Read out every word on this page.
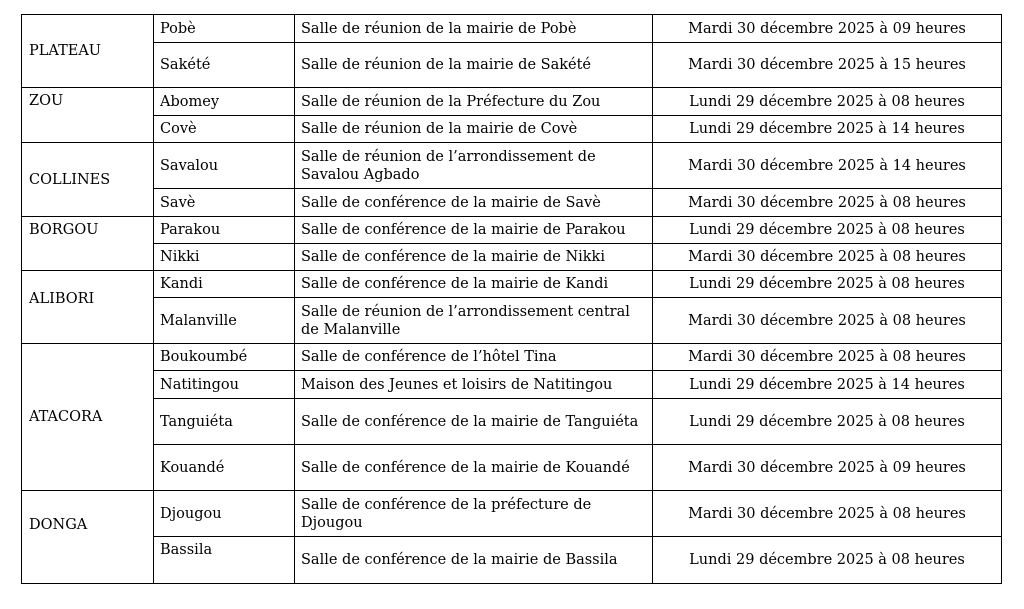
PLATEAU	Pobè	Salle de réunion de la mairie de Pobè	Mardi 30 décembre 2025 à 09 heures
	Sakété	Salle de réunion de la mairie de Sakété	Mardi 30 décembre 2025 à 15 heures
ZOU	Abomey	Salle de réunion de la Préfecture du Zou	Lundi 29 décembre 2025 à 08 heures
	Covè	Salle de réunion de la mairie de Covè	Lundi 29 décembre 2025 à 14 heures
COLLINES	Savalou	Salle de réunion de l’arrondissement de Savalou Agbado	Mardi 30 décembre 2025 à 14 heures
	Savè	Salle de conférence de la mairie de Savè	Mardi 30 décembre 2025 à 08 heures
BORGOU	Parakou	Salle de conférence de la mairie de Parakou	Lundi 29 décembre 2025 à 08 heures
	Nikki	Salle de conférence de la mairie de Nikki	Mardi 30 décembre 2025 à 08 heures
ALIBORI	Kandi	Salle de conférence de la mairie de Kandi	Lundi 29 décembre 2025 à 08 heures
	Malanville	Salle de réunion de l’arrondissement central de Malanville	Mardi 30 décembre 2025 à 08 heures
ATACORA	Boukoumbé	Salle de conférence de l’hôtel Tina	Mardi 30 décembre 2025 à 08 heures
	Natitingou	Maison des Jeunes et loisirs de Natitingou	Lundi 29 décembre 2025 à 14 heures
	Tanguiéta	Salle de conférence de la mairie de Tanguiéta	Lundi 29 décembre 2025 à 08 heures
	Kouandé	Salle de conférence de la mairie de Kouandé	Mardi 30 décembre 2025 à 09 heures
DONGA	Djougou	Salle de conférence de la préfecture de Djougou	Mardi 30 décembre 2025 à 08 heures
	Bassila	Salle de conférence de la mairie de Bassila	Lundi 29 décembre 2025 à 08 heures
